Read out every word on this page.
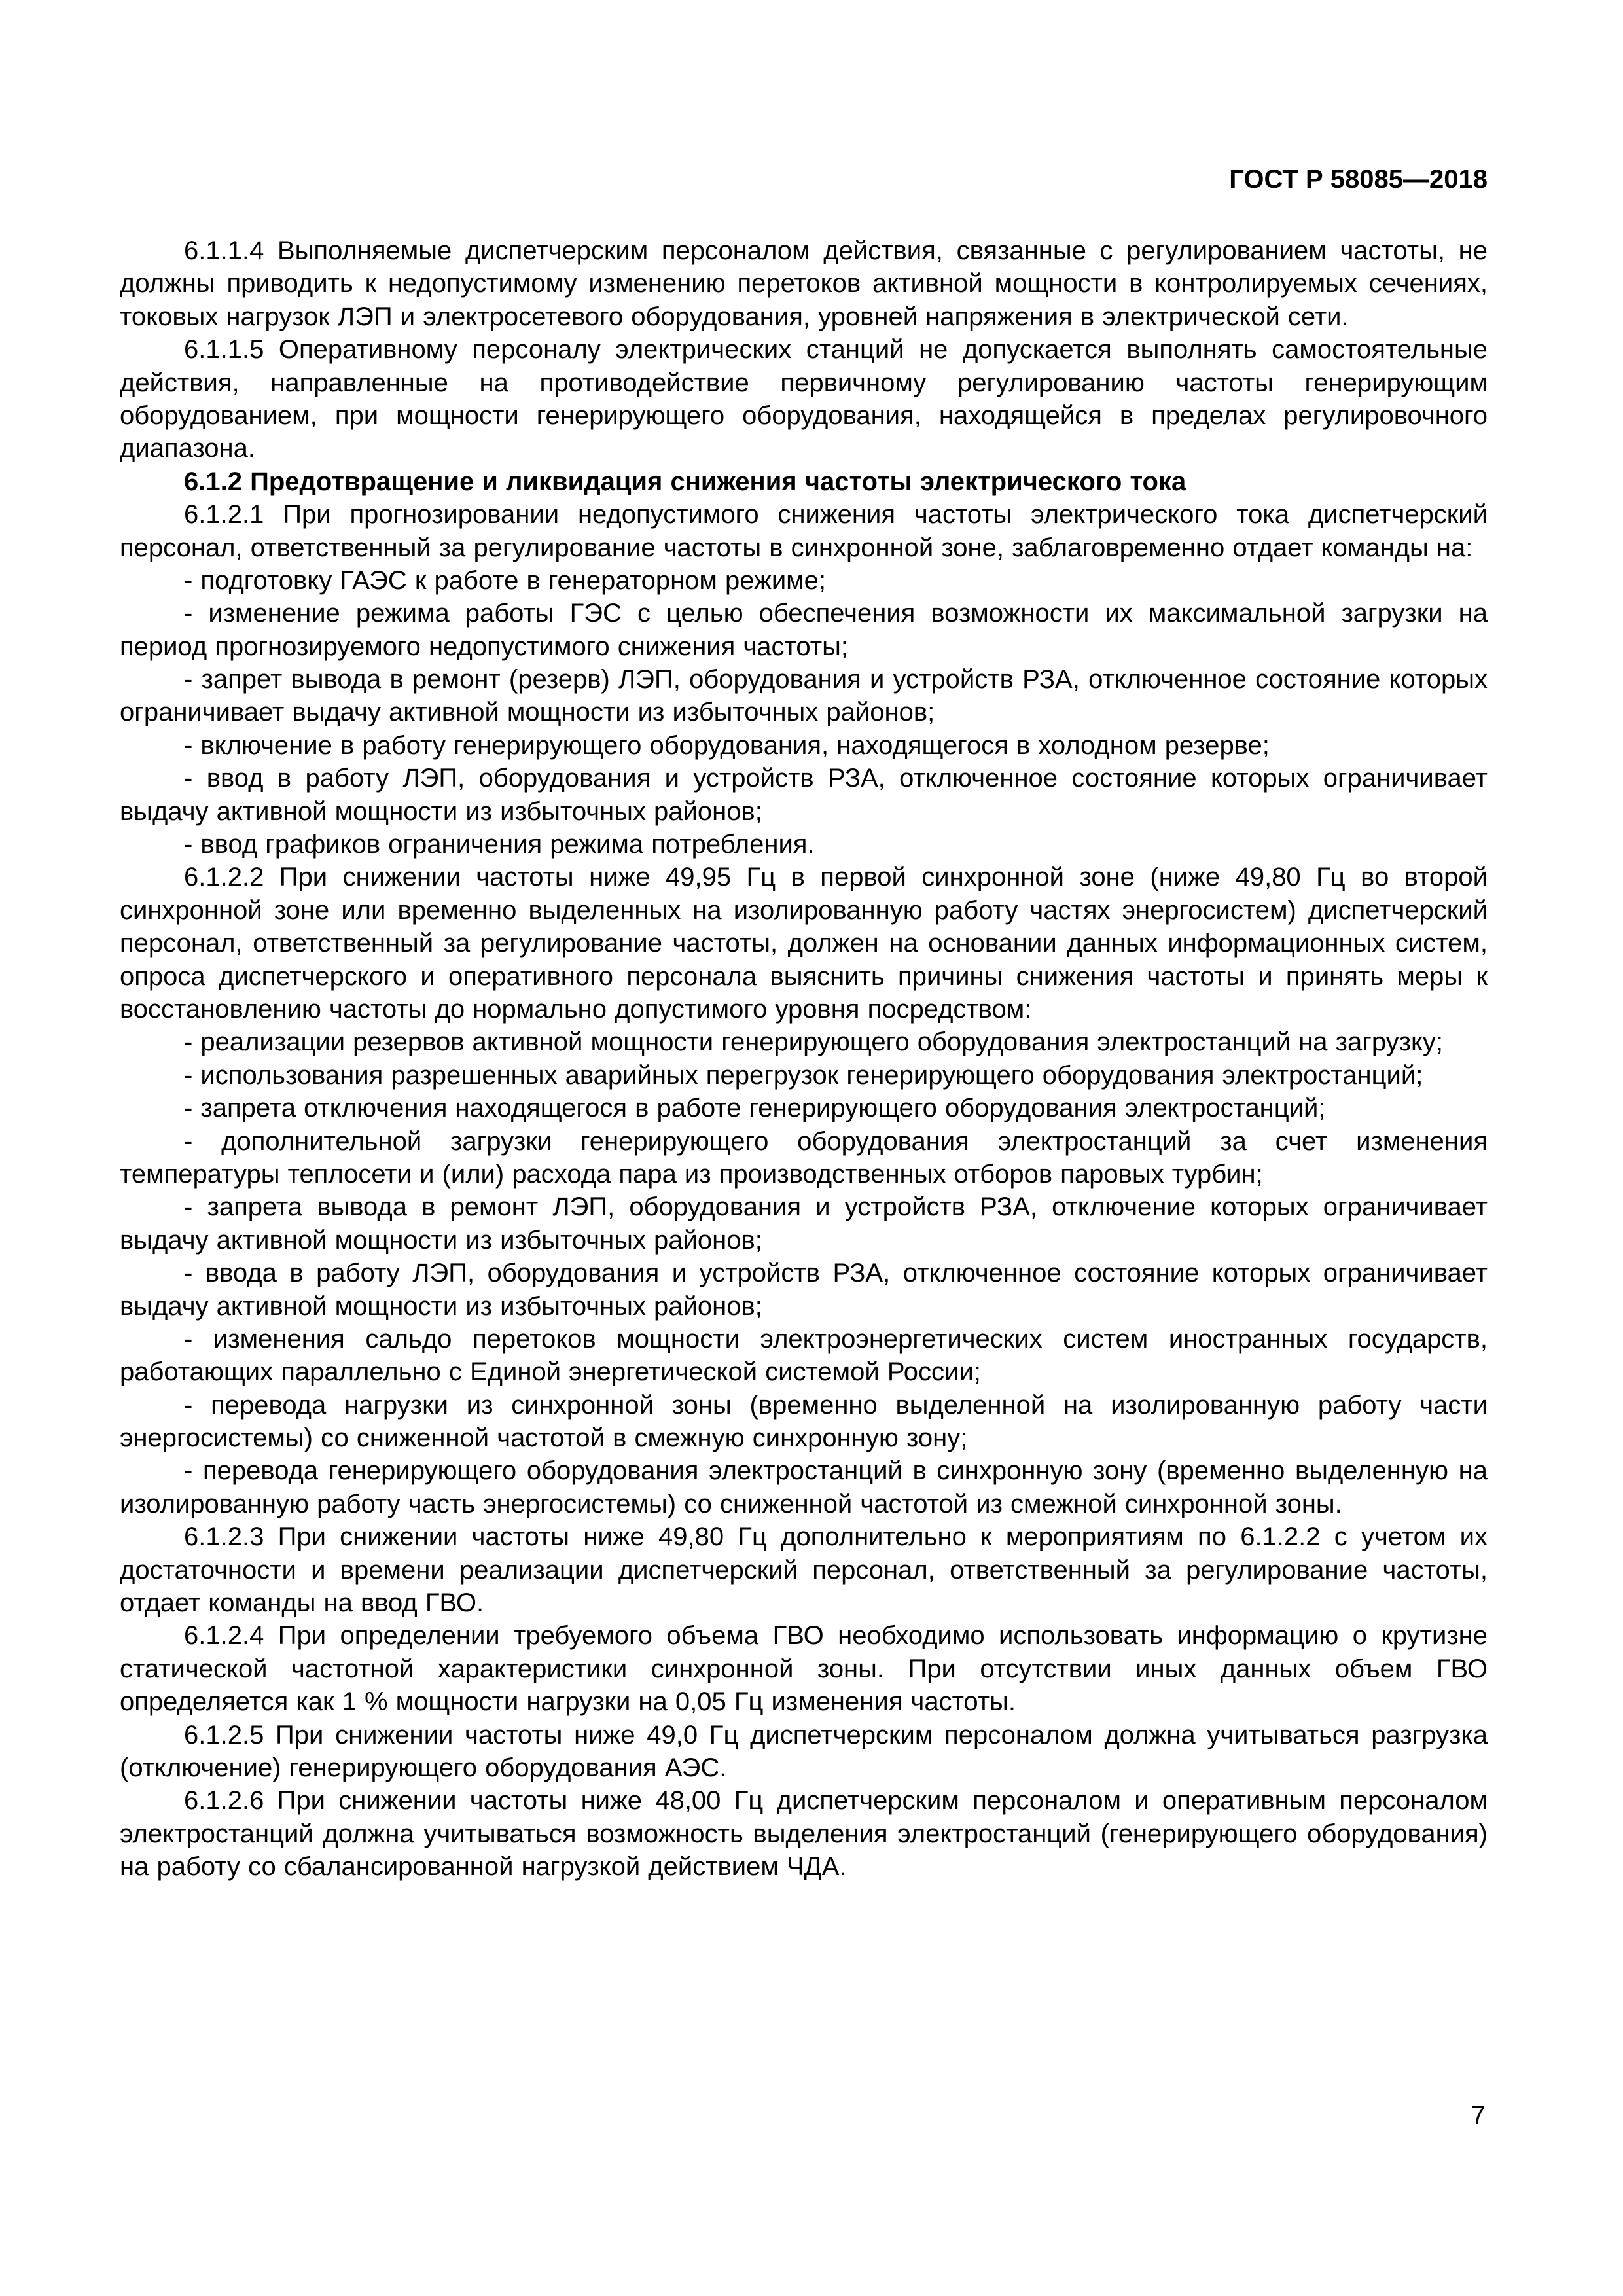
ГОСТ Р 58085—2018

6.1.1.4 Выполняемые диспетчерским персоналом действия, связанные с регулированием частоты, не должны приводить к недопустимому изменению перетоков активной мощности в контролируемых сечениях, токовых нагрузок ЛЭП и электросетевого оборудования, уровней напряжения в электрической сети.

6.1.1.5 Оперативному персоналу электрических станций не допускается выполнять самостоятельные действия, направленные на противодействие первичному регулированию частоты генерирующим оборудованием, при мощности генерирующего оборудования, находящейся в пределах регулировочного диапазона.

6.1.2 Предотвращение и ликвидация снижения частоты электрического тока

6.1.2.1 При прогнозировании недопустимого снижения частоты электрического тока диспетчерский персонал, ответственный за регулирование частоты в синхронной зоне, заблаговременно отдает команды на:

- подготовку ГАЭС к работе в генераторном режиме;

- изменение режима работы ГЭС с целью обеспечения возможности их максимальной загрузки на период прогнозируемого недопустимого снижения частоты;

- запрет вывода в ремонт (резерв) ЛЭП, оборудования и устройств РЗА, отключенное состояние которых ограничивает выдачу активной мощности из избыточных районов;

- включение в работу генерирующего оборудования, находящегося в холодном резерве;

- ввод в работу ЛЭП, оборудования и устройств РЗА, отключенное состояние которых ограничивает выдачу активной мощности из избыточных районов;

- ввод графиков ограничения режима потребления.

6.1.2.2 При снижении частоты ниже 49,95 Гц в первой синхронной зоне (ниже 49,80 Гц во второй синхронной зоне или временно выделенных на изолированную работу частях энергосистем) диспетчерский персонал, ответственный за регулирование частоты, должен на основании данных информационных систем, опроса диспетчерского и оперативного персонала выяснить причины снижения частоты и принять меры к восстановлению частоты до нормально допустимого уровня посредством:

- реализации резервов активной мощности генерирующего оборудования электростанций на загрузку;

- использования разрешенных аварийных перегрузок генерирующего оборудования электростанций;

- запрета отключения находящегося в работе генерирующего оборудования электростанций;

- дополнительной загрузки генерирующего оборудования электростанций за счет изменения температуры теплосети и (или) расхода пара из производственных отборов паровых турбин;

- запрета вывода в ремонт ЛЭП, оборудования и устройств РЗА, отключение которых ограничивает выдачу активной мощности из избыточных районов;

- ввода в работу ЛЭП, оборудования и устройств РЗА, отключенное состояние которых ограничивает выдачу активной мощности из избыточных районов;

- изменения сальдо перетоков мощности электроэнергетических систем иностранных государств, работающих параллельно с Единой энергетической системой России;

- перевода нагрузки из синхронной зоны (временно выделенной на изолированную работу части энергосистемы) со сниженной частотой в смежную синхронную зону;

- перевода генерирующего оборудования электростанций в синхронную зону (временно выделенную на изолированную работу часть энергосистемы) со сниженной частотой из смежной синхронной зоны.

6.1.2.3 При снижении частоты ниже 49,80 Гц дополнительно к мероприятиям по 6.1.2.2 с учетом их достаточности и времени реализации диспетчерский персонал, ответственный за регулирование частоты, отдает команды на ввод ГВО.

6.1.2.4 При определении требуемого объема ГВО необходимо использовать информацию о крутизне статической частотной характеристики синхронной зоны. При отсутствии иных данных объем ГВО определяется как 1 % мощности нагрузки на 0,05 Гц изменения частоты.

6.1.2.5 При снижении частоты ниже 49,0 Гц диспетчерским персоналом должна учитываться разгрузка (отключение) генерирующего оборудования АЭС.

6.1.2.6 При снижении частоты ниже 48,00 Гц диспетчерским персоналом и оперативным персоналом электростанций должна учитываться возможность выделения электростанций (генерирующего оборудования) на работу со сбалансированной нагрузкой действием ЧДА.

7
